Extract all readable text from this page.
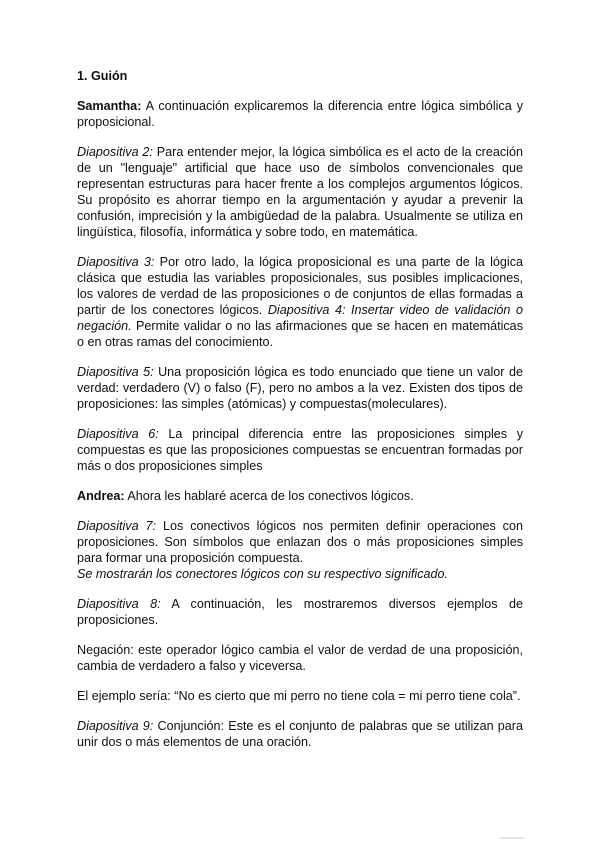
1. Guión

Samantha: A continuación explicaremos la diferencia entre lógica simbólica y proposicional.

Diapositiva 2: Para entender mejor, la lógica simbólica es el acto de la creación de un "lenguaje" artificial que hace uso de símbolos convencionales que representan estructuras para hacer frente a los complejos argumentos lógicos. Su propósito es ahorrar tiempo en la argumentación y ayudar a prevenir la confusión, imprecisión y la ambigüedad de la palabra. Usualmente se utiliza en lingüística, filosofía, informática y sobre todo, en matemática.

Diapositiva 3: Por otro lado, la lógica proposicional es una parte de la lógica clásica que estudia las variables proposicionales, sus posibles implicaciones, los valores de verdad de las proposiciones o de conjuntos de ellas formadas a partir de los conectores lógicos. Diapositiva 4: Insertar video de validación o negación. Permite validar o no las afirmaciones que se hacen en matemáticas o en otras ramas del conocimiento.

Diapositiva 5: Una proposición lógica es todo enunciado que tiene un valor de verdad: verdadero (V) o falso (F), pero no ambos a la vez. Existen dos tipos de proposiciones: las simples (atómicas) y compuestas(moleculares).

Diapositiva 6: La principal diferencia entre las proposiciones simples y compuestas es que las proposiciones compuestas se encuentran formadas por más o dos proposiciones simples

Andrea: Ahora les hablaré acerca de los conectivos lógicos.

Diapositiva 7: Los conectivos lógicos nos permiten definir operaciones con proposiciones. Son símbolos que enlazan dos o más proposiciones simples para formar una proposición compuesta.
Se mostrarán los conectores lógicos con su respectivo significado.

Diapositiva 8: A continuación, les mostraremos diversos ejemplos de proposiciones.

Negación: este operador lógico cambia el valor de verdad de una proposición, cambia de verdadero a falso y viceversa.

El ejemplo sería: “No es cierto que mi perro no tiene cola = mi perro tiene cola”.

Diapositiva 9: Conjunción: Este es el conjunto de palabras que se utilizan para unir dos o más elementos de una oración.
